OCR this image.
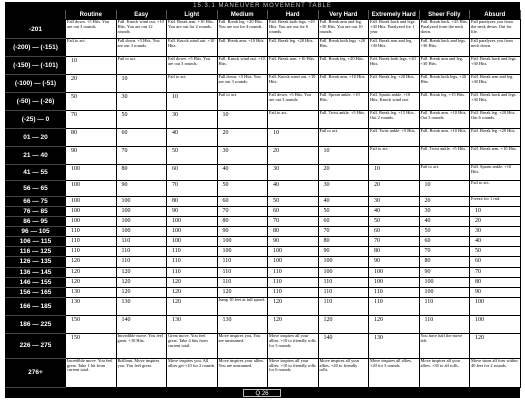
15.3.1 MANEUVER MOVEMENT TABLE
	Routine	Easy	Light	Medium	Hard	Very Hard	Extremely Hard	Sheer Folly	Absurd
-201	Fall down. +5 Hits. You are out 3 rounds.	Fall. Knock wind out. +10 Hits. You are out 12 rounds.	Fall. Break arm. +10 Hits. You are out for 2 rounds.	Fall. Break leg. +20 Hits. You are out for 4 rounds.	Fall. Break both legs. +20 Hits. You are out for 6 rounds.	Fall. Break arm and leg. +30 Hits. You are out 10 rounds.	Fall. Break back and legs. +30 Hits. Paralyzed for 1 year.	Fall. Break back. +25 Hits. Paralyzed from the neck down.	Fall paralyzes you from the neck down. Out for life.
(-200) — (-151)	Fail to act.	Fall down. +5 Hits. You are out 3 rounds.	Fall. Knock wind out. +10 Hits.	Fall. Break arm. +10 Hits.	Fall. Break leg. +20 Hits.	Fall. Break both legs. +20 Hits.	Fall. Break arm and leg. +30 Hits.	Fall. Break back and legs. +30 Hits.	Fall paralyzes you from neck down.
(-150) — (-101)	10	Fail to act.	Fall down. +5 Hits. You are out 3 rounds.	Fall. Knock wind out. +10 Hits.	Fall. Break arm. +10 Hits.	Fall. Break leg. +20 Hits.	Fall. Break both legs. +20 Hits.	Fall. Break arm and leg. +30 Hits.	Fall. Break back and legs. +30 Hits.
(-100) — (-51)	20	10	Fail to act.	Fall down. +5 Hits. You are out 3 rounds.	Fall. Knock wind out. +10 Hits.	Fall. Break arm. +10 Hits.	Fall. Break leg. +20 Hits.	Fall. Break both legs. +20 Hits.	Fall. Break arm and leg. +30 Hits.
(-50) — (-26)	50	30	10	Fail to act.	Fall down. +5 Hits. You are out 3 rounds.	Fall. Sprain ankle. +10 Hits.	Fall. Sprain ankle. +10 Hits. Knock wind out.	Fall. Break leg. +15 Hits.	Fall. Break back and legs. +30 Hits.
(-25) — 0	70	50	30	10	Fail to act.	Fall. Twist ankle. +5 Hits.	Fall. Break leg. +15 Hits. Out 2 rounds.	Fall. Break arm. +10 Hits. Out 3 rounds.	Fall. Break leg. +20 Hits. Out 6 rounds.
01 — 20	80	60	40	20	10	Fail to act.	Fall. Twist ankle. +5 Hits.	Fall. Break arm. +10 Hits.	Fall. Break leg. +20 Hits.
21 — 40	90	70	50	30	20	10	Fail to act.	Fall. Twist ankle. +5 Hits.	Fall. Break arm. +10 Hits.
41 — 55	100	80	60	40	30	20	10	Fail to act.	Fall. Sprain ankle. +10 Hits.
56 — 65	100	90	70	50	40	30	20	10	Fail to act.
66 — 75	100	100	80	60	50	40	30	20	Freeze for 1 rnd.
76 — 85	100	100	90	70	60	50	40	30	10
86 — 95	100	100	100	80	70	60	50	40	20
96 — 105	110	100	100	90	80	70	60	50	30
106 — 115	110	110	100	100	90	80	70	60	40
116 — 125	110	110	110	100	100	90	80	70	50
126 — 135	120	110	110	110	100	100	90	80	60
136 — 145	120	120	110	110	110	100	100	90	70
146 — 155	120	120	120	110	110	110	100	100	80
156 — 165	130	120	120	120	110	110	110	100	90
166 — 185	130	130	120	Jump 10 feet at full speed.	120	110	110	110	100
186 — 225	150	140	130	130	120	120	120	110	100
226 — 275	150	Incredible move. You feel great. +10 Hits.	Great move. You feel great. Take 4 hits from current total.	Move inspires you. You are unstunned.	Move inspires all your allies. +10 to friendly rolls for 3 rounds.	140	130	You have half the move left.	120
276+	Incredible move. You feel great. Take 1 hit from current total.	Brilliant. Move inspires you. You feel great.	Move inspires you. All allies get +10 for 2 rounds.	Move inspires your allies. You are unstunned.	Move inspires all your allies. +10 to friendly rolls for 6 rounds.	Move inspires all your allies. +20 to friendly rolls.	Move inspires all allies. +20 for 3 rounds.	Move inspires all your allies. +30 to all rolls.	Move stuns all foes within 40 feet for 2 rounds.
Q 26
